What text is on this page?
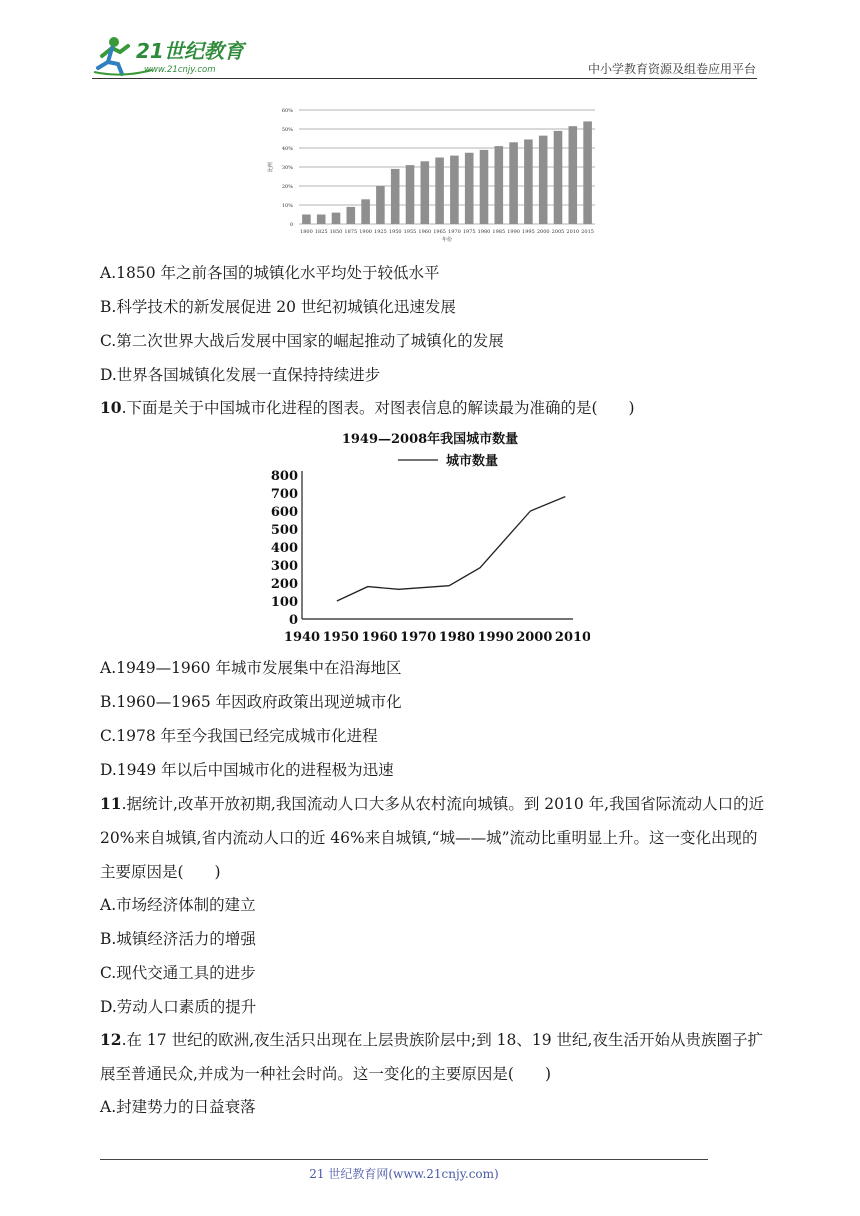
21世纪教育
www.21cnjy.com	中小学教育资源及组卷应用平台
0
10%
20%
30%
40%
50%
60%
1800 1825 1850 1875 1900 1925 1950 1955 1960 1965 1970 1975 1980 1985 1990 1995 2000 2005 2010 2015
年份
比例
A.1850 年之前各国的城镇化水平均处于较低水平
B.科学技术的新发展促进 20 世纪初城镇化迅速发展
C.第二次世界大战后发展中国家的崛起推动了城镇化的发展
D.世界各国城镇化发展一直保持持续进步
10.下面是关于中国城市化进程的图表。对图表信息的解读最为准确的是(　　)
1949—2008年我国城市数量
城市数量
0
100
200
300
400
500
600
700
800
1940 1950 1960 1970 1980 1990 2000 2010
A.1949—1960 年城市发展集中在沿海地区
B.1960—1965 年因政府政策出现逆城市化
C.1978 年至今我国已经完成城市化进程
D.1949 年以后中国城市化的进程极为迅速
11.据统计,改革开放初期,我国流动人口大多从农村流向城镇。到 2010 年,我国省际流动人口的近 20%来自城镇,省内流动人口的近 46%来自城镇,“城——城”流动比重明显上升。这一变化出现的主要原因是(　　)
A.市场经济体制的建立
B.城镇经济活力的增强
C.现代交通工具的进步
D.劳动人口素质的提升
12.在 17 世纪的欧洲,夜生活只出现在上层贵族阶层中;到 18、19 世纪,夜生活开始从贵族圈子扩展至普通民众,并成为一种社会时尚。这一变化的主要原因是(　　)
A.封建势力的日益衰落
21 世纪教育网(www.21cnjy.com)
